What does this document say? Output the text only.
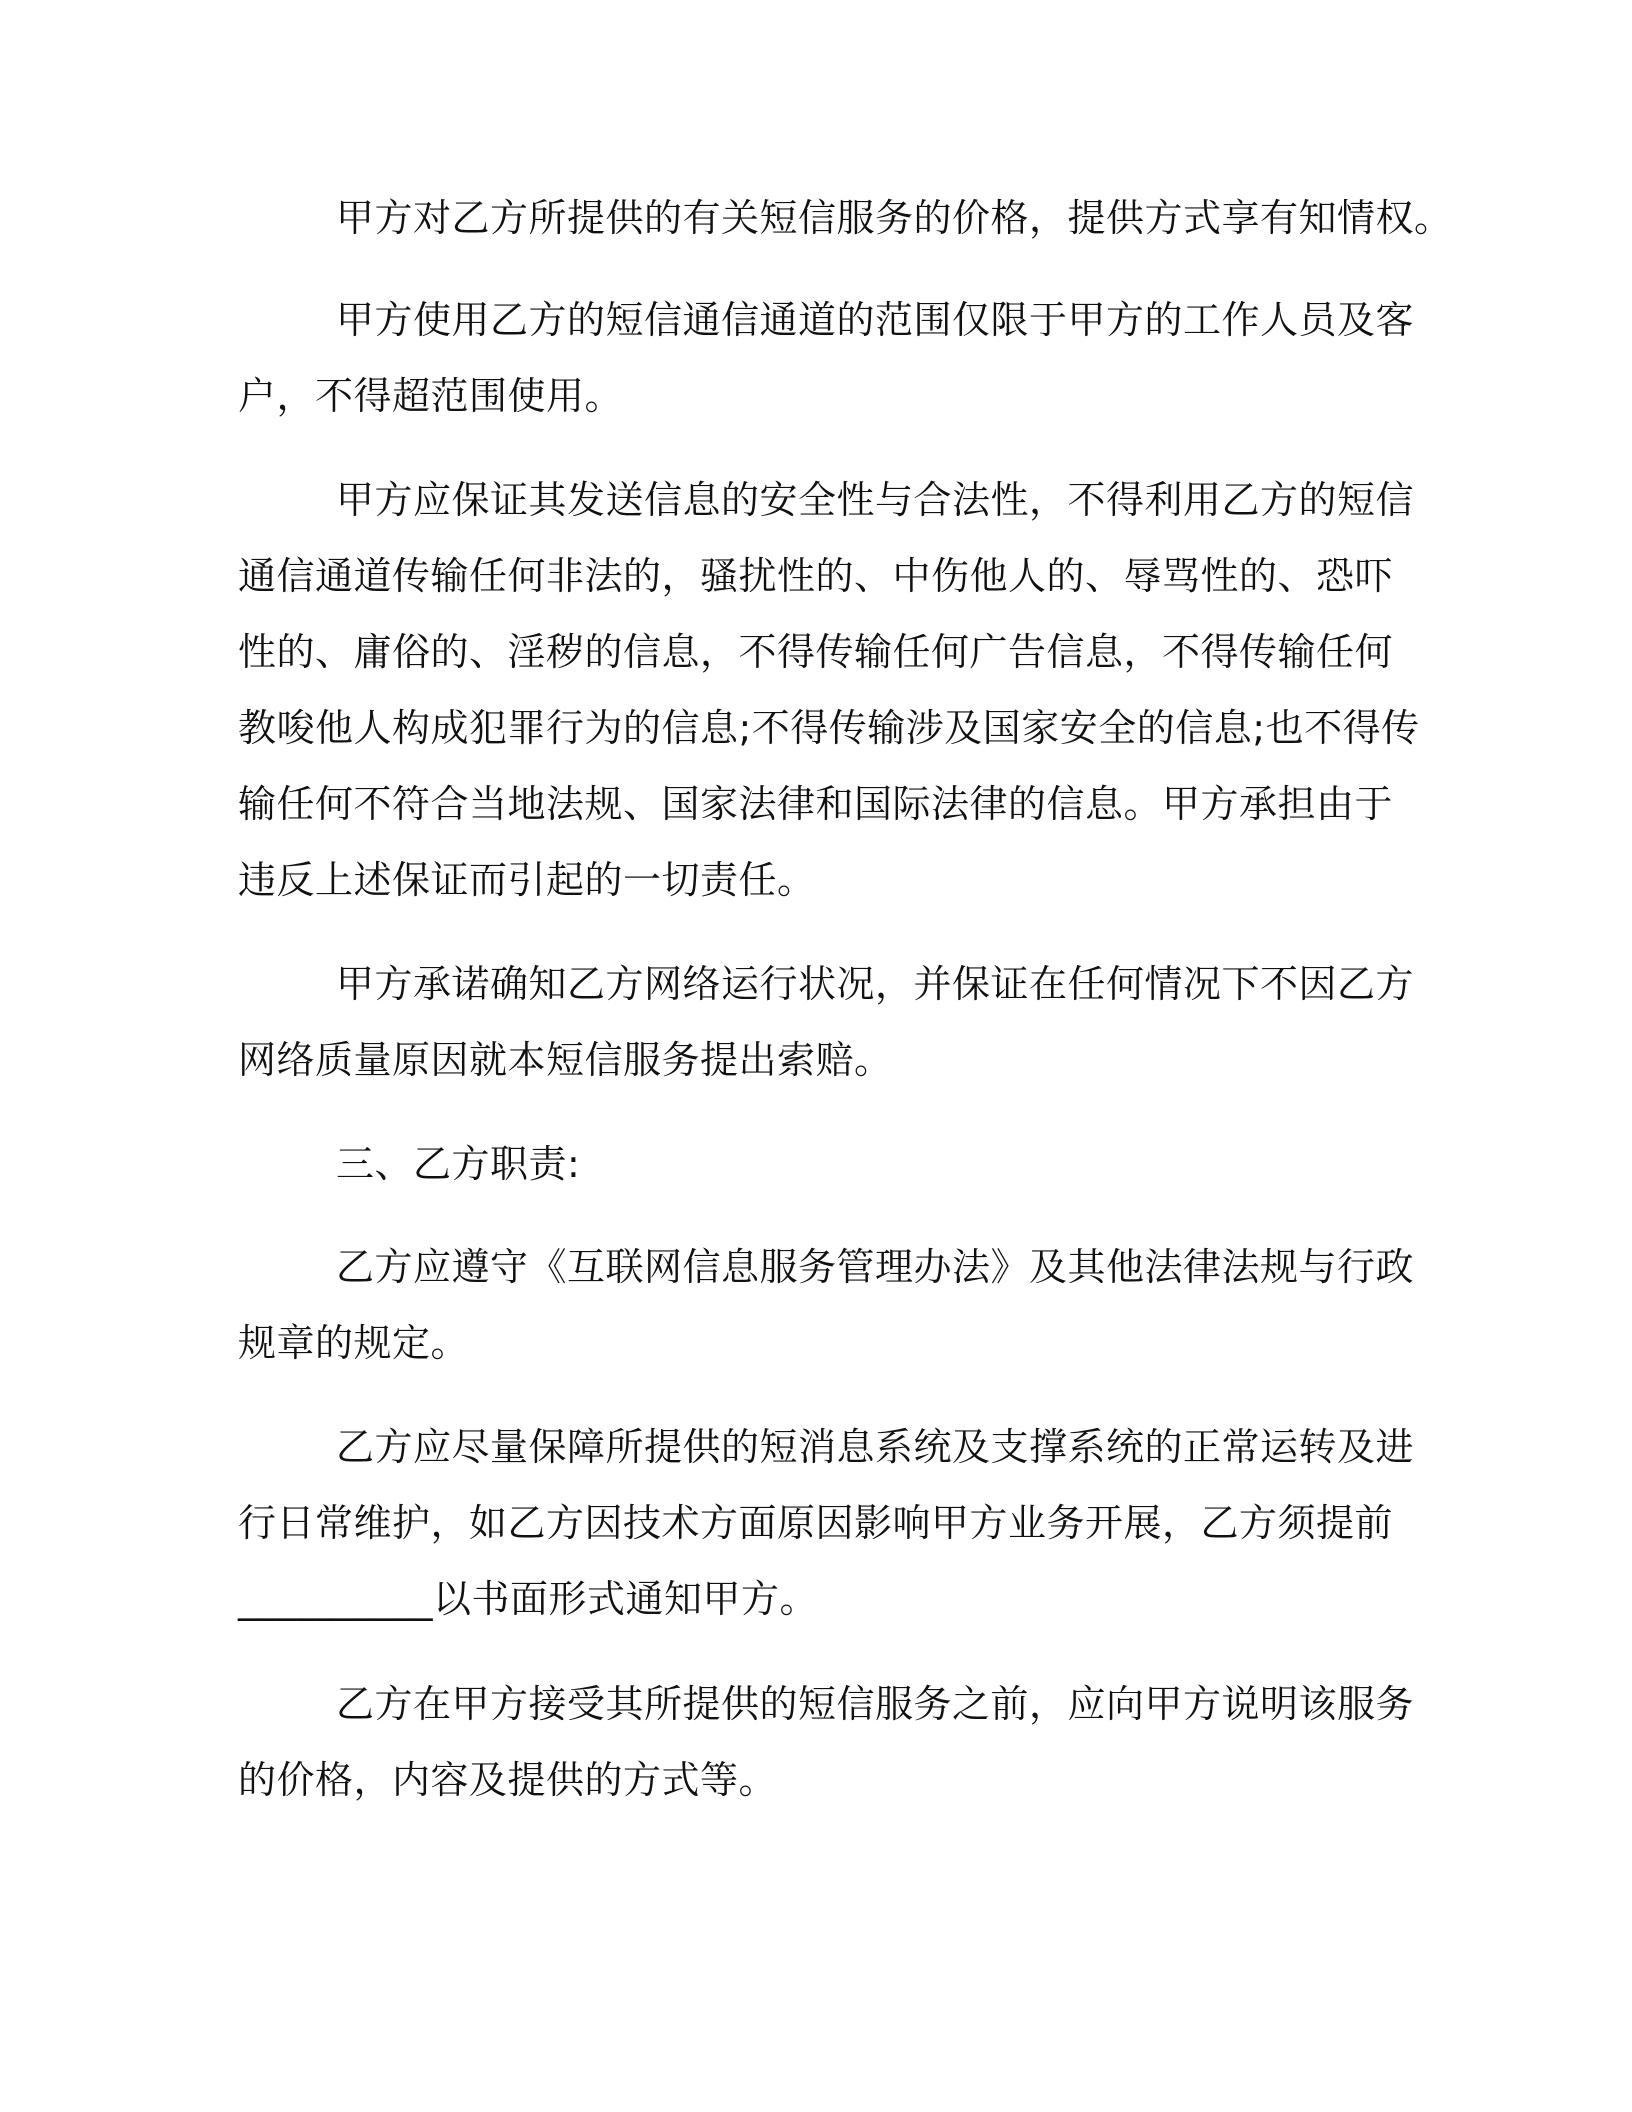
甲方对乙方所提供的有关短信服务的价格，提供方式享有知情权。
甲方使用乙方的短信通信通道的范围仅限于甲方的工作人员及客
户，不得超范围使用。
甲方应保证其发送信息的安全性与合法性，不得利用乙方的短信
通信通道传输任何非法的，骚扰性的、中伤他人的、辱骂性的、恐吓
性的、庸俗的、淫秽的信息，不得传输任何广告信息，不得传输任何
教唆他人构成犯罪行为的信息;不得传输涉及国家安全的信息;也不得传
输任何不符合当地法规、国家法律和国际法律的信息。甲方承担由于
违反上述保证而引起的一切责任。
甲方承诺确知乙方网络运行状况，并保证在任何情况下不因乙方
网络质量原因就本短信服务提出索赔。
三、乙方职责:
乙方应遵守《互联网信息服务管理办法》及其他法律法规与行政
规章的规定。
乙方应尽量保障所提供的短消息系统及支撑系统的正常运转及进
行日常维护，如乙方因技术方面原因影响甲方业务开展，乙方须提前
__________以书面形式通知甲方。
乙方在甲方接受其所提供的短信服务之前，应向甲方说明该服务
的价格，内容及提供的方式等。
